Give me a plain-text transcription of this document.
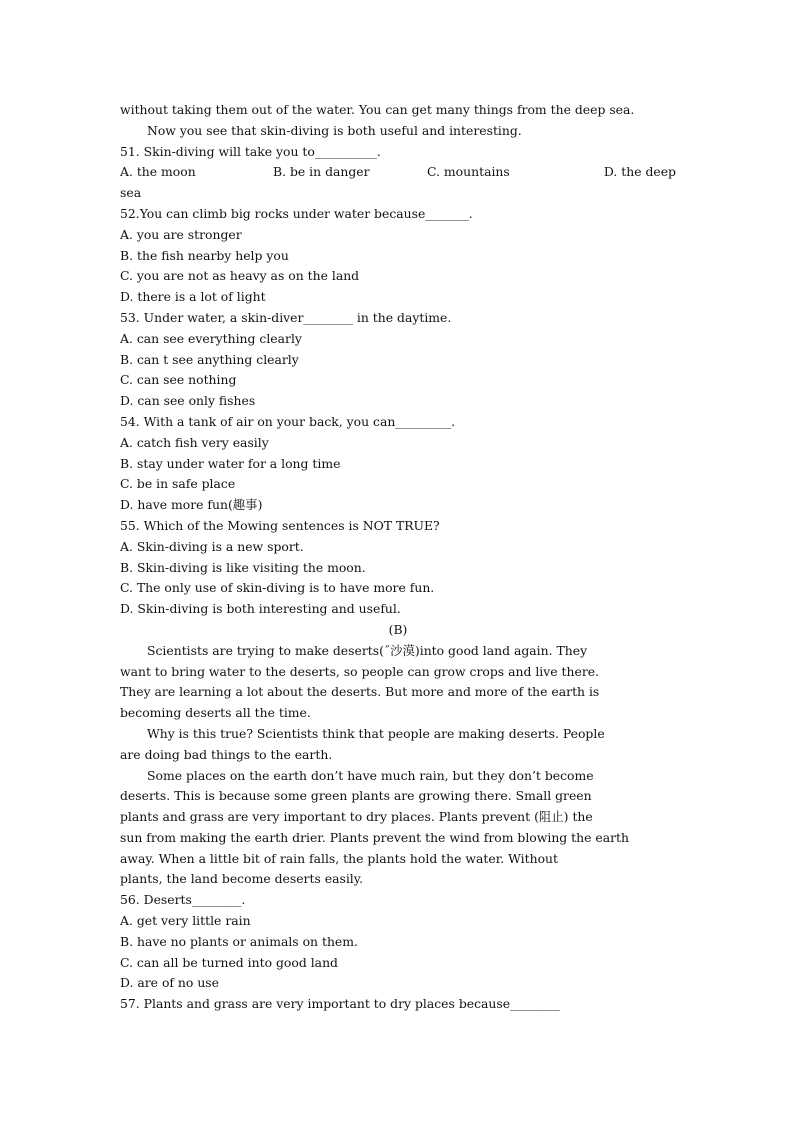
without taking them out of the water. You can get many things from the deep sea.
Now you see that skin-diving is both useful and interesting.
51. Skin-diving will take you to__________.
A. the moon	B. be in danger	C. mountains	D. the deep
sea
52.You can climb big rocks under water because_______.
A. you are stronger
B. the fish nearby help you
C. you are not as heavy as on the land
D. there is a lot of light
53. Under water, a skin-diver________ in the daytime.
A. can see everything clearly
B. can t see anything clearly
C. can see nothing
D. can see only fishes
54. With a tank of air on your back, you can_________.
A. catch fish very easily
B. stay under water for a long time
C. be in safe place
D. have more fun(趣事)
55. Which of the Mowing sentences is NOT TRUE?
A. Skin-diving is a new sport.
B. Skin-diving is like visiting the moon.
C. The only use of skin-diving is to have more fun.
D. Skin-diving is both interesting and useful.
(B)
Scientists are trying to make deserts(˝沙漠)into good land again. They
want to bring water to the deserts, so people can grow crops and live there.
They are learning a lot about the deserts. But more and more of the earth is
becoming deserts all the time.
Why is this true? Scientists think that people are making deserts. People
are doing bad things to the earth.
Some places on the earth don’t have much rain, but they don’t become
deserts. This is because some green plants are growing there. Small green
plants and grass are very important to dry places. Plants prevent (阻止) the
sun from making the earth drier. Plants prevent the wind from blowing the earth
away. When a little bit of rain falls, the plants hold the water. Without
plants, the land become deserts easily.
56. Deserts________.
A. get very little rain
B. have no plants or animals on them.
C. can all be turned into good land
D. are of no use
57. Plants and grass are very important to dry places because________
